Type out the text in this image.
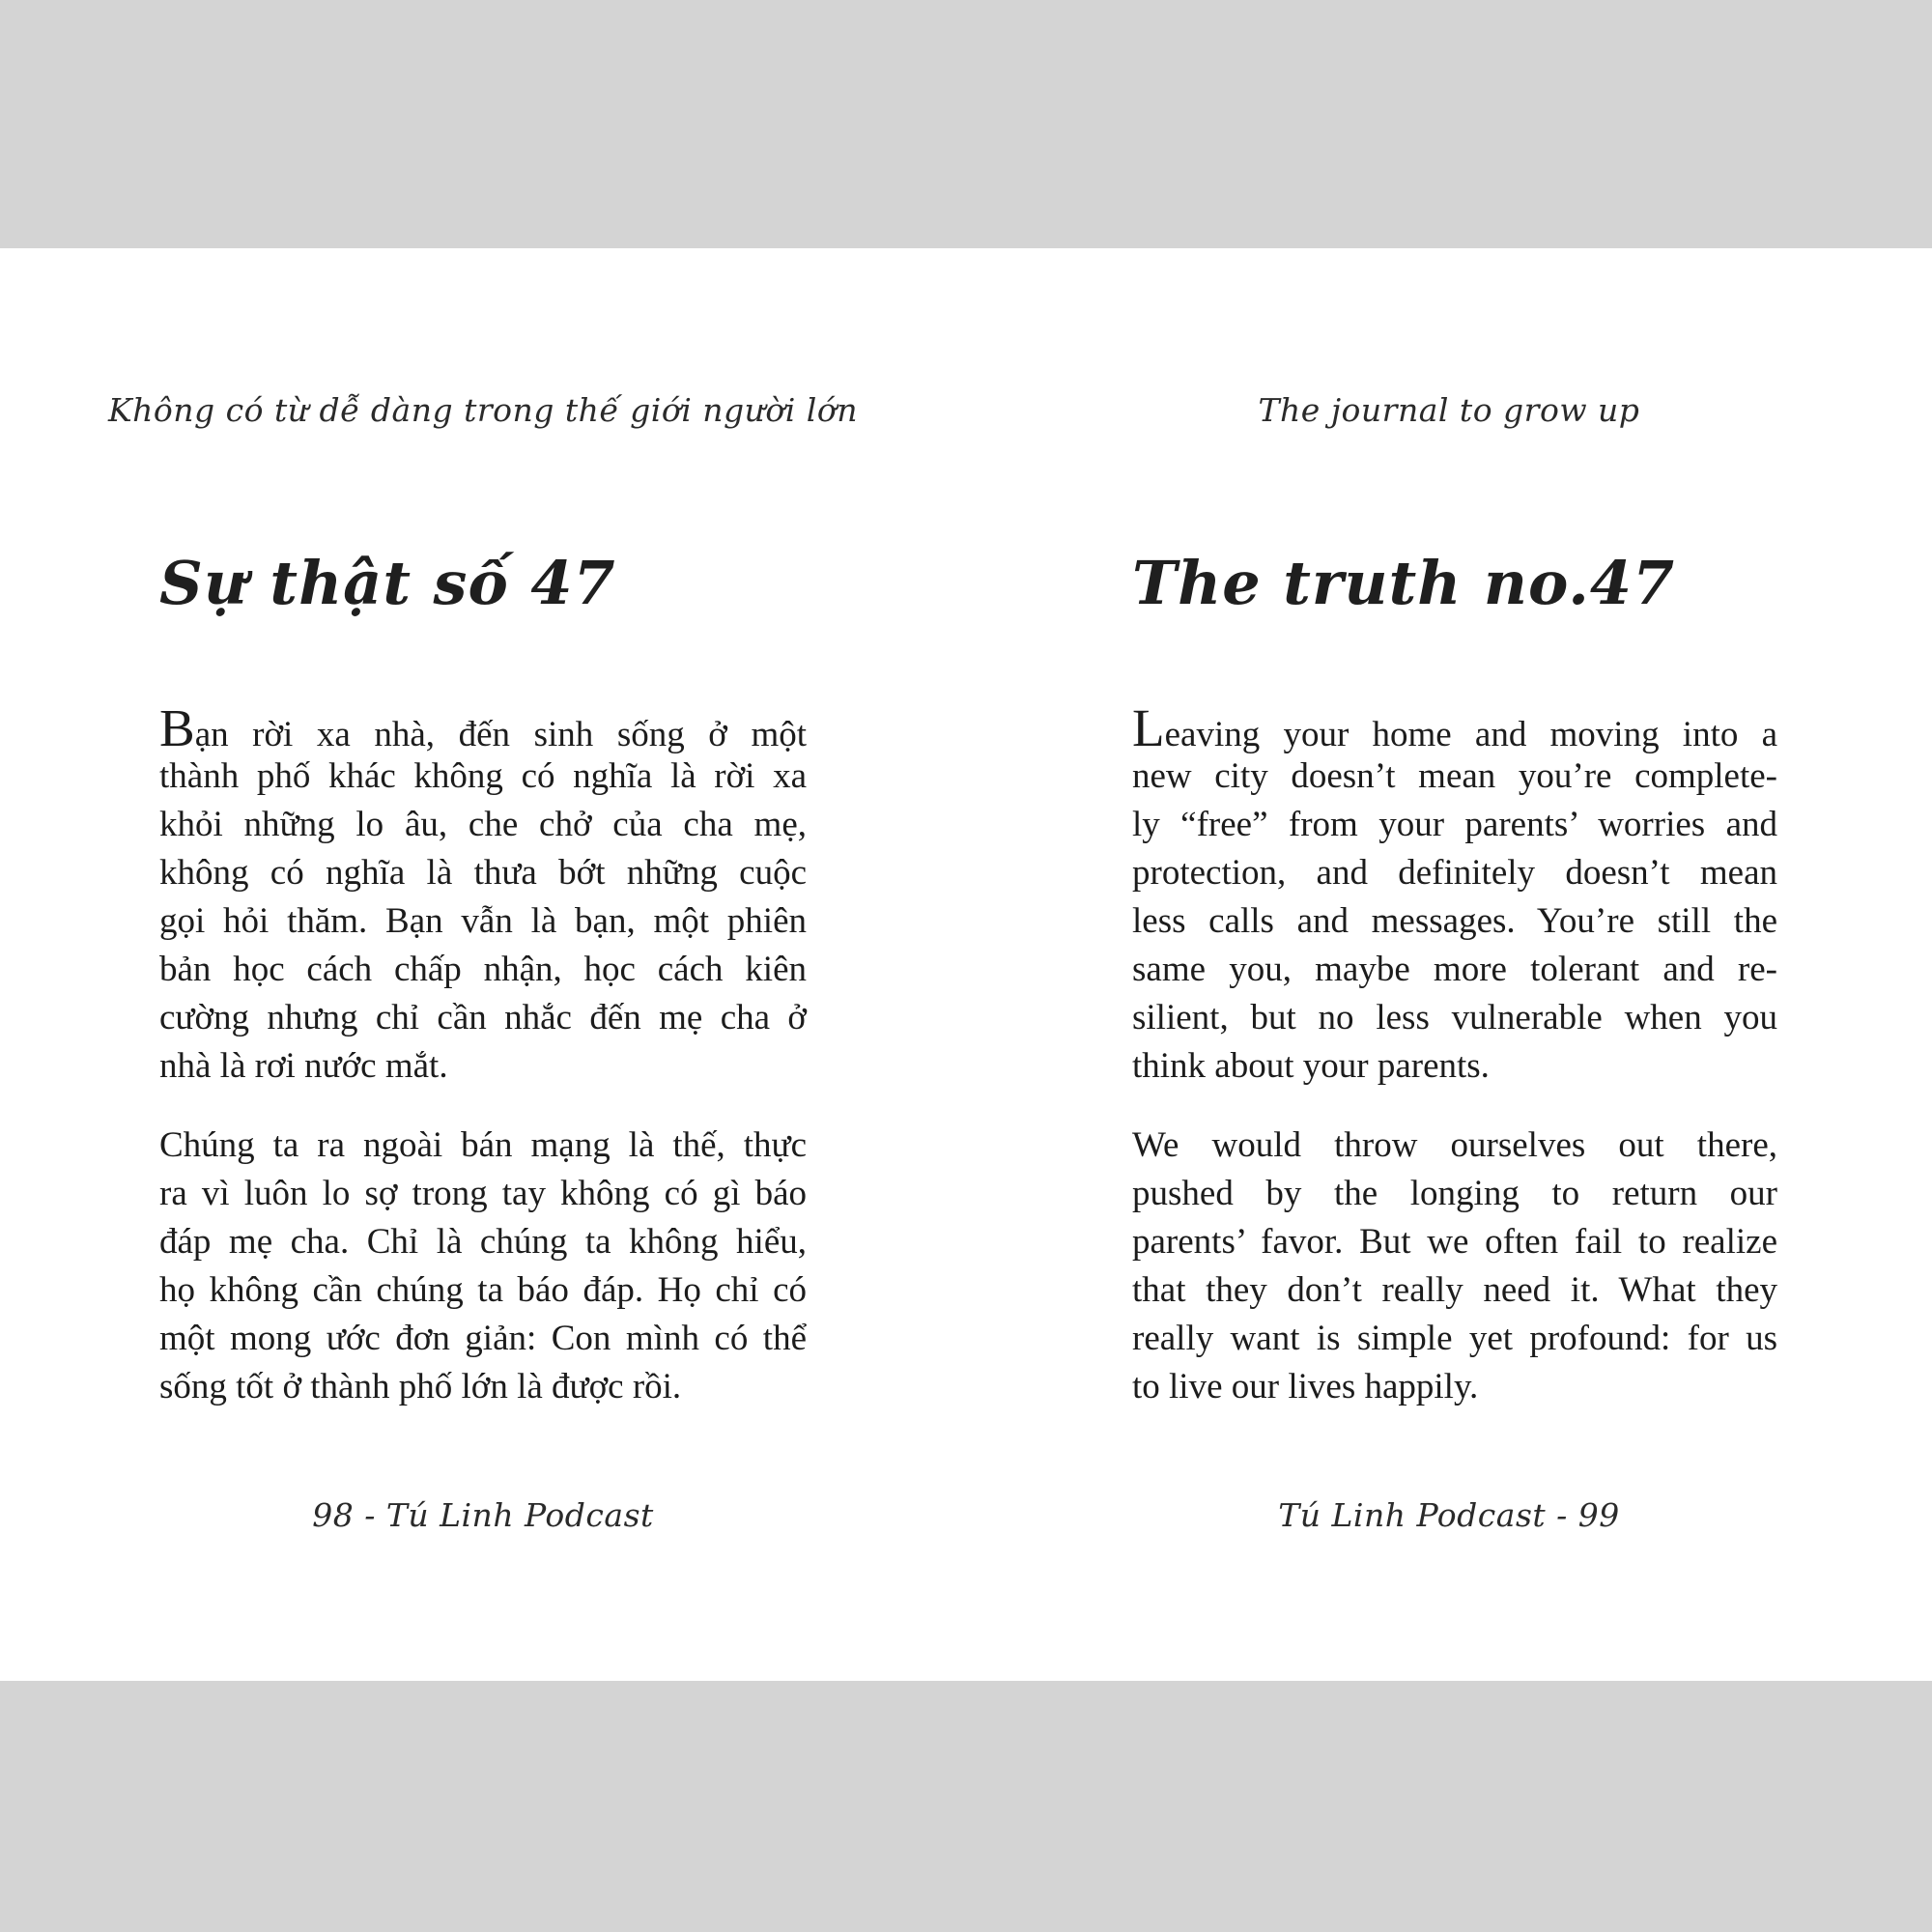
Không có từ dễ dàng trong thế giới người lớn
Sự thật số 47
Bạn rời xa nhà, đến sinh sống ở một
thành phố khác không có nghĩa là rời xa
khỏi những lo âu, che chở của cha mẹ,
không có nghĩa là thưa bớt những cuộc
gọi hỏi thăm. Bạn vẫn là bạn, một phiên
bản học cách chấp nhận, học cách kiên
cường nhưng chỉ cần nhắc đến mẹ cha ở
nhà là rơi nước mắt.
Chúng ta ra ngoài bán mạng là thế, thực
ra vì luôn lo sợ trong tay không có gì báo
đáp mẹ cha. Chỉ là chúng ta không hiểu,
họ không cần chúng ta báo đáp. Họ chỉ có
một mong ước đơn giản: Con mình có thể
sống tốt ở thành phố lớn là được rồi.
98 - Tú Linh Podcast
The journal to grow up
The truth no.47
Leaving your home and moving into a
new city doesn’t mean you’re complete-
ly “free” from your parents’ worries and
protection, and definitely doesn’t mean
less calls and messages. You’re still the
same you, maybe more tolerant and re-
silient, but no less vulnerable when you
think about your parents.
We would throw ourselves out there,
pushed by the longing to return our
parents’ favor. But we often fail to realize
that they don’t really need it. What they
really want is simple yet profound: for us
to live our lives happily.
Tú Linh Podcast - 99
